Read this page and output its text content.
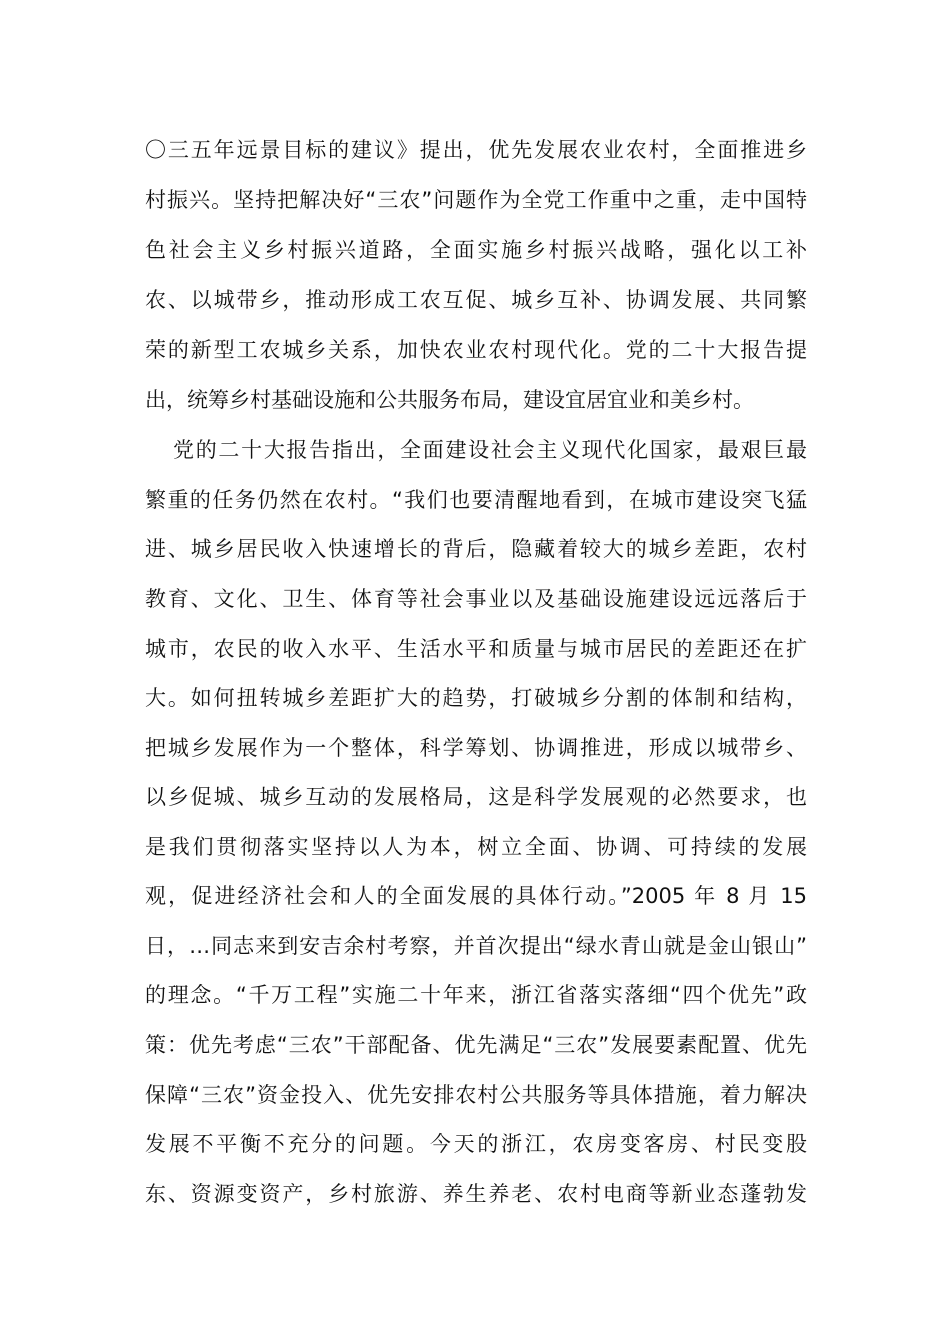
〇三五年远景目标的建议》提出，优先发展农业农村，全面推进乡
村振兴。坚持把解决好“三农”问题作为全党工作重中之重，走中国特
色社会主义乡村振兴道路，全面实施乡村振兴战略，强化以工补
农、以城带乡，推动形成工农互促、城乡互补、协调发展、共同繁
荣的新型工农城乡关系，加快农业农村现代化。党的二十大报告提
出，统筹乡村基础设施和公共服务布局，建设宜居宜业和美乡村。
党的二十大报告指出，全面建设社会主义现代化国家，最艰巨最
繁重的任务仍然在农村。“我们也要清醒地看到，在城市建设突飞猛
进、城乡居民收入快速增长的背后，隐藏着较大的城乡差距，农村
教育、文化、卫生、体育等社会事业以及基础设施建设远远落后于
城市，农民的收入水平、生活水平和质量与城市居民的差距还在扩
大。如何扭转城乡差距扩大的趋势，打破城乡分割的体制和结构，
把城乡发展作为一个整体，科学筹划、协调推进，形成以城带乡、
以乡促城、城乡互动的发展格局，这是科学发展观的必然要求，也
是我们贯彻落实坚持以人为本，树立全面、协调、可持续的发展
观，促进经济社会和人的全面发展的具体行动。”2005 年 8 月 15
日，…同志来到安吉余村考察，并首次提出“绿水青山就是金山银山”
的理念。“千万工程”实施二十年来，浙江省落实落细“四个优先”政
策：优先考虑“三农”干部配备、优先满足“三农”发展要素配置、优先
保障“三农”资金投入、优先安排农村公共服务等具体措施，着力解决
发展不平衡不充分的问题。今天的浙江，农房变客房、村民变股
东、资源变资产，乡村旅游、养生养老、农村电商等新业态蓬勃发
